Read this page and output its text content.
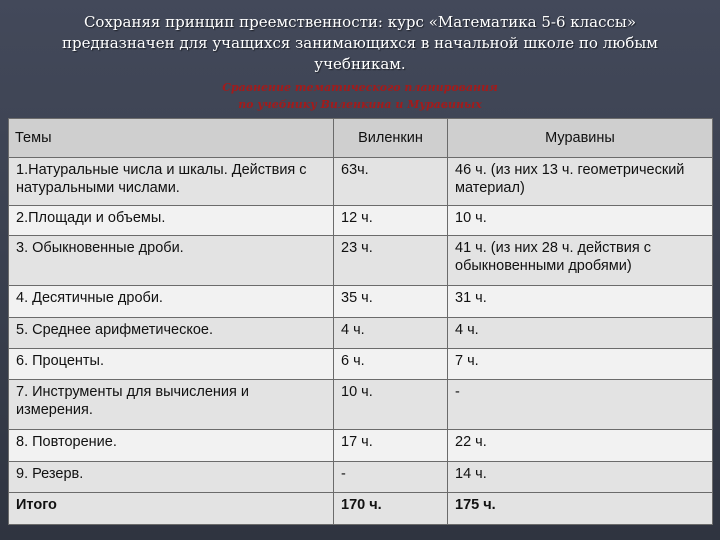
Сохраняя принцип преемственности: курс «Математика 5-6 классы»
предназначен для учащихся занимающихся в начальной школе по любым
учебникам.
Сравнение тематического планирования
по учебнику Виленкина и Муравиных
Темы	Виленкин	Муравины
1.Натуральные числа и шкалы. Действия с натуральными числами.	63ч.	46 ч. (из них 13 ч. геометрический материал)
2.Площади и объемы.	12 ч.	10 ч.
3. Обыкновенные дроби.	23 ч.	41 ч. (из них 28 ч. действия с обыкновенными дробями)
4. Десятичные дроби.	35 ч.	31 ч.
5. Среднее арифметическое.	4 ч.	4 ч.
6. Проценты.	6 ч.	7 ч.
7. Инструменты для вычисления и измерения.	10 ч.	-
8. Повторение.	17 ч.	22 ч.
9. Резерв.	-	14 ч.
Итого	170 ч.	175 ч.
